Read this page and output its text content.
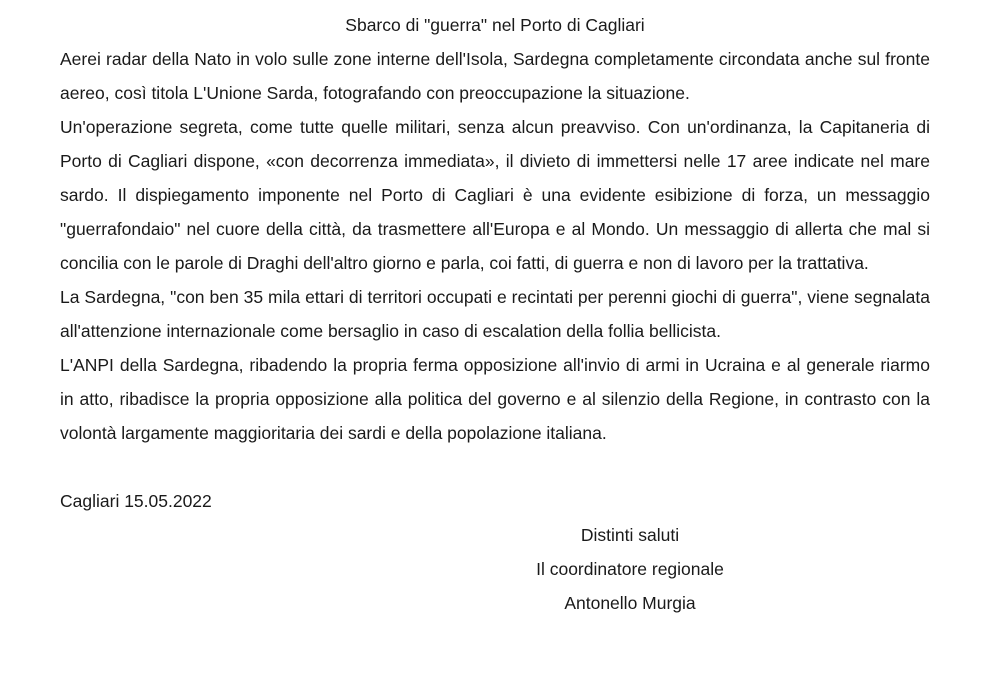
Sbarco di "guerra" nel Porto di Cagliari

Aerei radar della Nato in volo sulle zone interne dell'Isola, Sardegna completamente circondata anche sul fronte aereo, così titola L'Unione Sarda, fotografando con preoccupazione la situazione.

Un'operazione segreta, come tutte quelle militari, senza alcun preavviso. Con un'ordinanza, la Capitaneria di Porto di Cagliari dispone, «con decorrenza immediata», il divieto di immettersi nelle 17 aree indicate nel mare sardo. Il dispiegamento imponente nel Porto di Cagliari è una evidente esibizione di forza, un messaggio "guerrafondaio" nel cuore della città, da trasmettere all'Europa e al Mondo. Un messaggio di allerta che mal si concilia con le parole di Draghi dell'altro giorno e parla, coi fatti, di guerra e non di lavoro per la trattativa.

La Sardegna, "con ben 35 mila ettari di territori occupati e recintati per perenni giochi di guerra", viene segnalata all'attenzione internazionale come bersaglio in caso di escalation della follia bellicista.

L'ANPI della Sardegna, ribadendo la propria ferma opposizione all'invio di armi in Ucraina e al generale riarmo in atto, ribadisce la propria opposizione alla politica del governo e al silenzio della Regione, in contrasto con la volontà largamente maggioritaria dei sardi e della popolazione italiana.

Cagliari 15.05.2022

Distinti saluti

Il coordinatore regionale

Antonello Murgia
